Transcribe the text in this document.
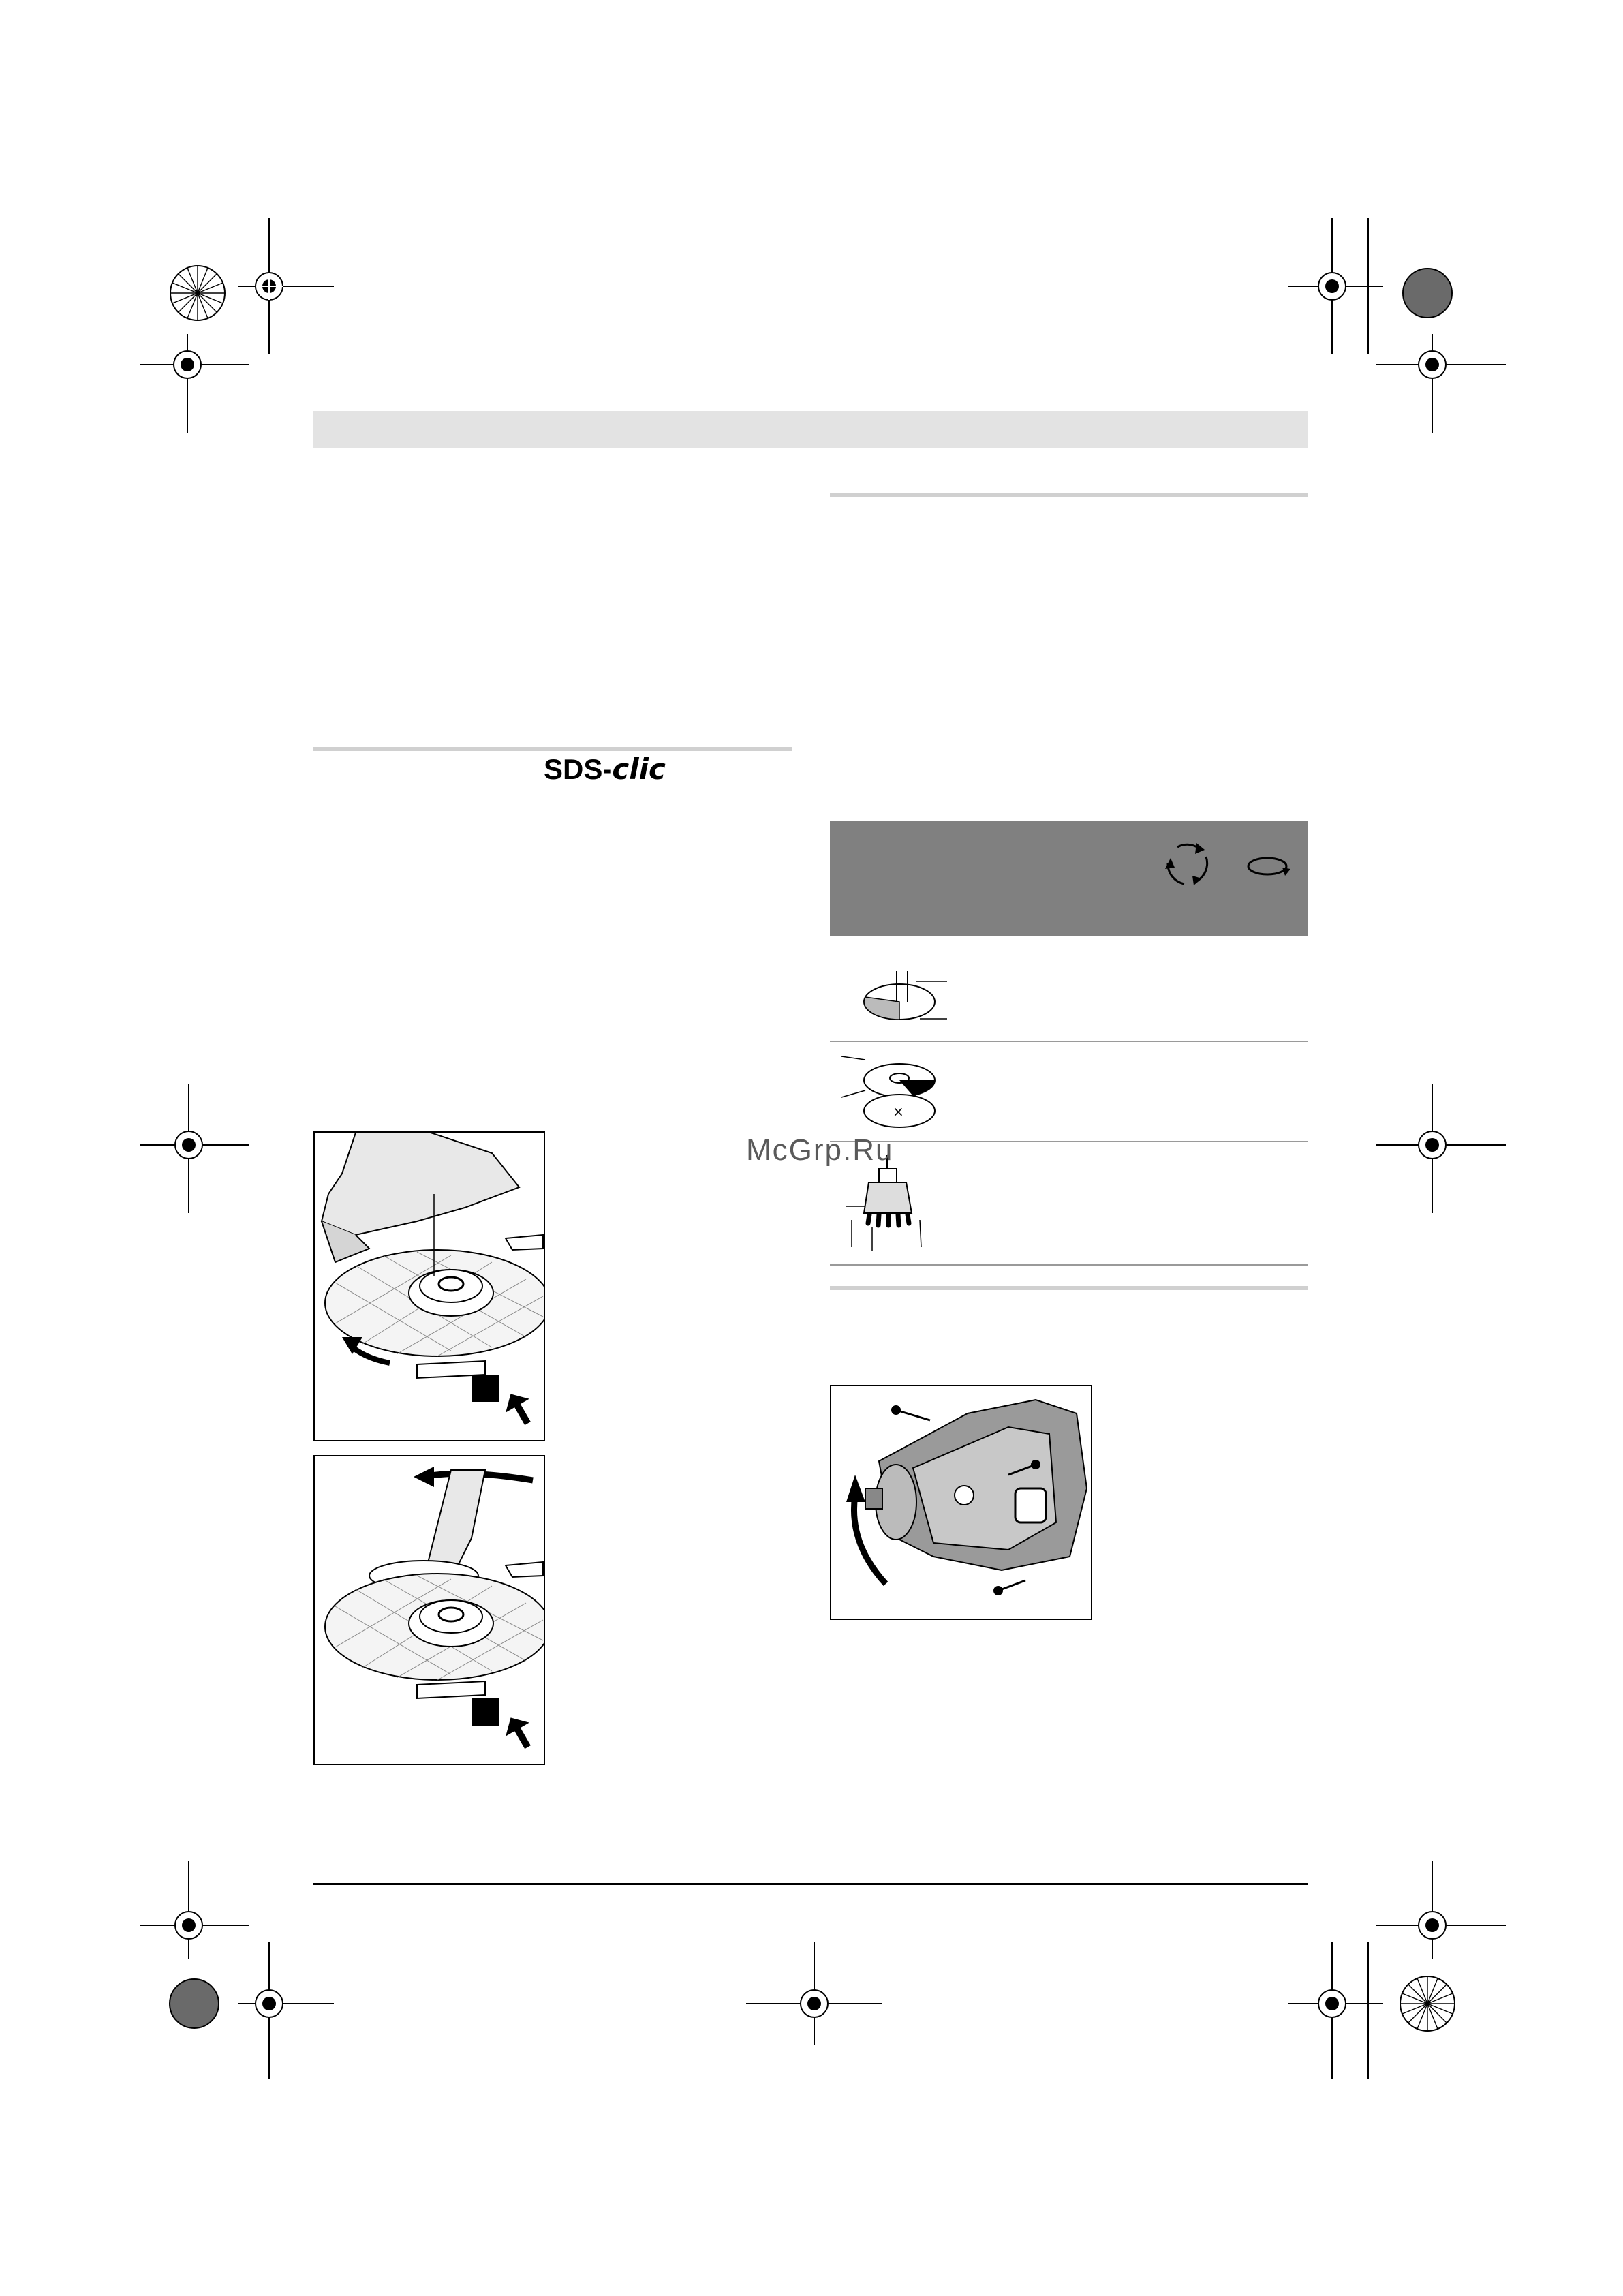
SDS-clic
×
McGrp.Ru
